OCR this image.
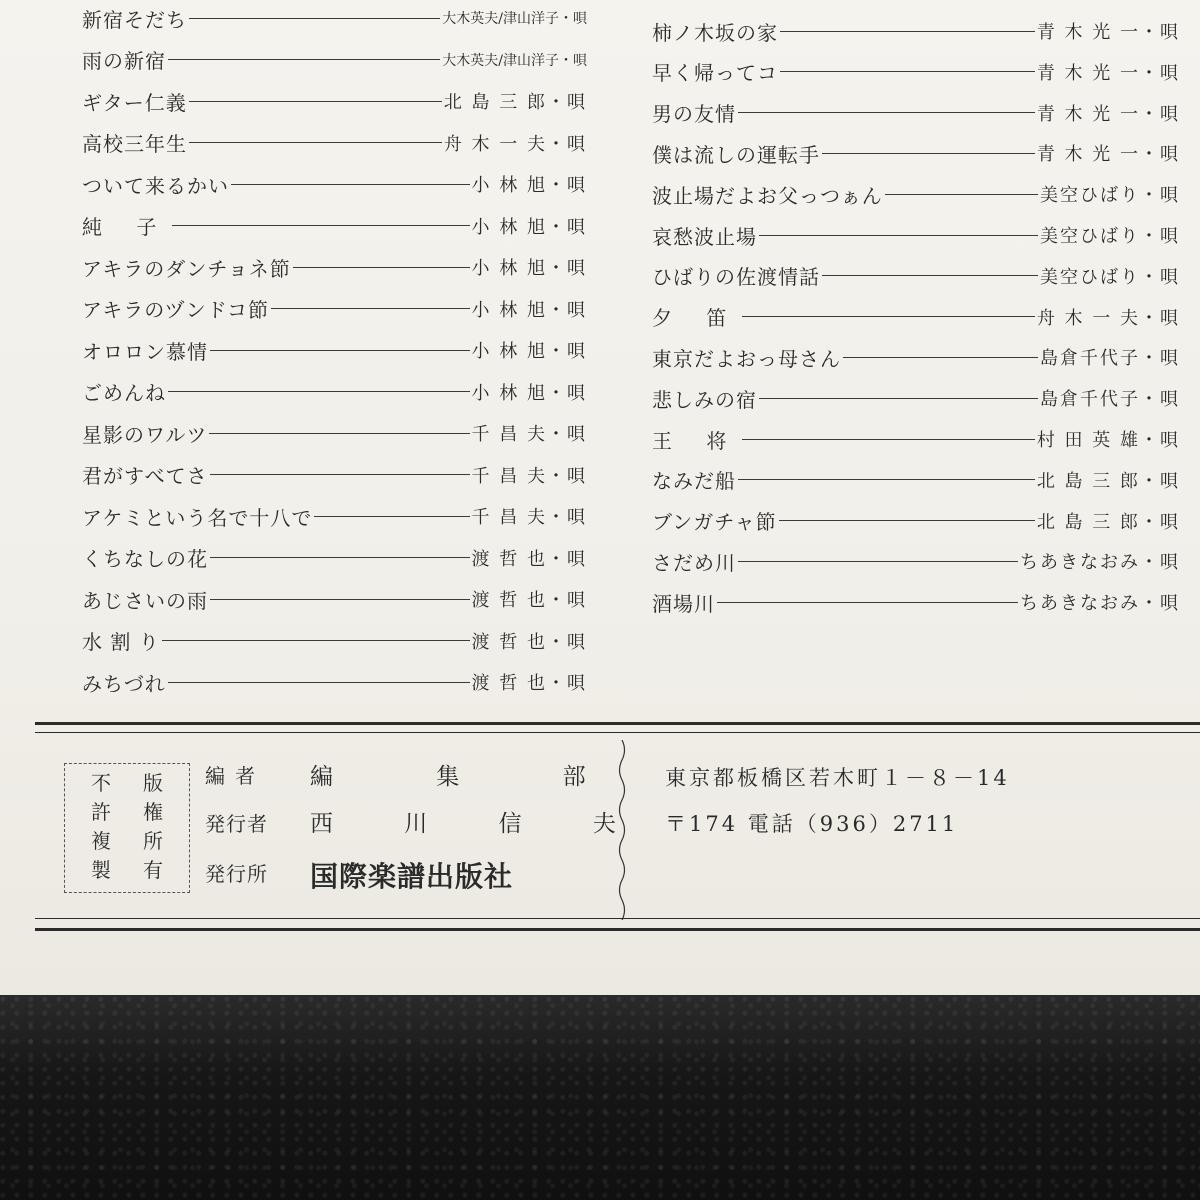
新宿そだち	大木英夫/津山洋子・唄
雨の新宿	大木英夫/津山洋子・唄
ギター仁義	北 島 三 郎・唄
高校三年生	舟 木 一 夫・唄
ついて来るかい	小 林 旭・唄
純 子	小 林 旭・唄
アキラのダンチョネ節	小 林 旭・唄
アキラのヅンドコ節	小 林 旭・唄
オロロン慕情	小 林 旭・唄
ごめんね	小 林 旭・唄
星影のワルツ	千 昌 夫・唄
君がすべてさ	千 昌 夫・唄
アケミという名で十八で	千 昌 夫・唄
くちなしの花	渡 哲 也・唄
あじさいの雨	渡 哲 也・唄
水 割 り	渡 哲 也・唄
みちづれ	渡 哲 也・唄
柿ノ木坂の家	青 木 光 一・唄
早く帰ってコ	青 木 光 一・唄
男の友情	青 木 光 一・唄
僕は流しの運転手	青 木 光 一・唄
波止場だよお父っつぁん	美空ひばり・唄
哀愁波止場	美空ひばり・唄
ひばりの佐渡情話	美空ひばり・唄
夕 笛	舟 木 一 夫・唄
東京だよおっ母さん	島倉千代子・唄
悲しみの宿	島倉千代子・唄
王 将	村 田 英 雄・唄
なみだ船	北 島 三 郎・唄
ブンガチャ節	北 島 三 郎・唄
さだめ川	ちあきなおみ・唄
酒場川	ちあきなおみ・唄
不	版
許	権
複	所
製	有
編者 編 集 部
発行者 西 川 信 夫
発行所 国際楽譜出版社
東京都板橋区若木町１－８－14
〒174 電話（936）2711
